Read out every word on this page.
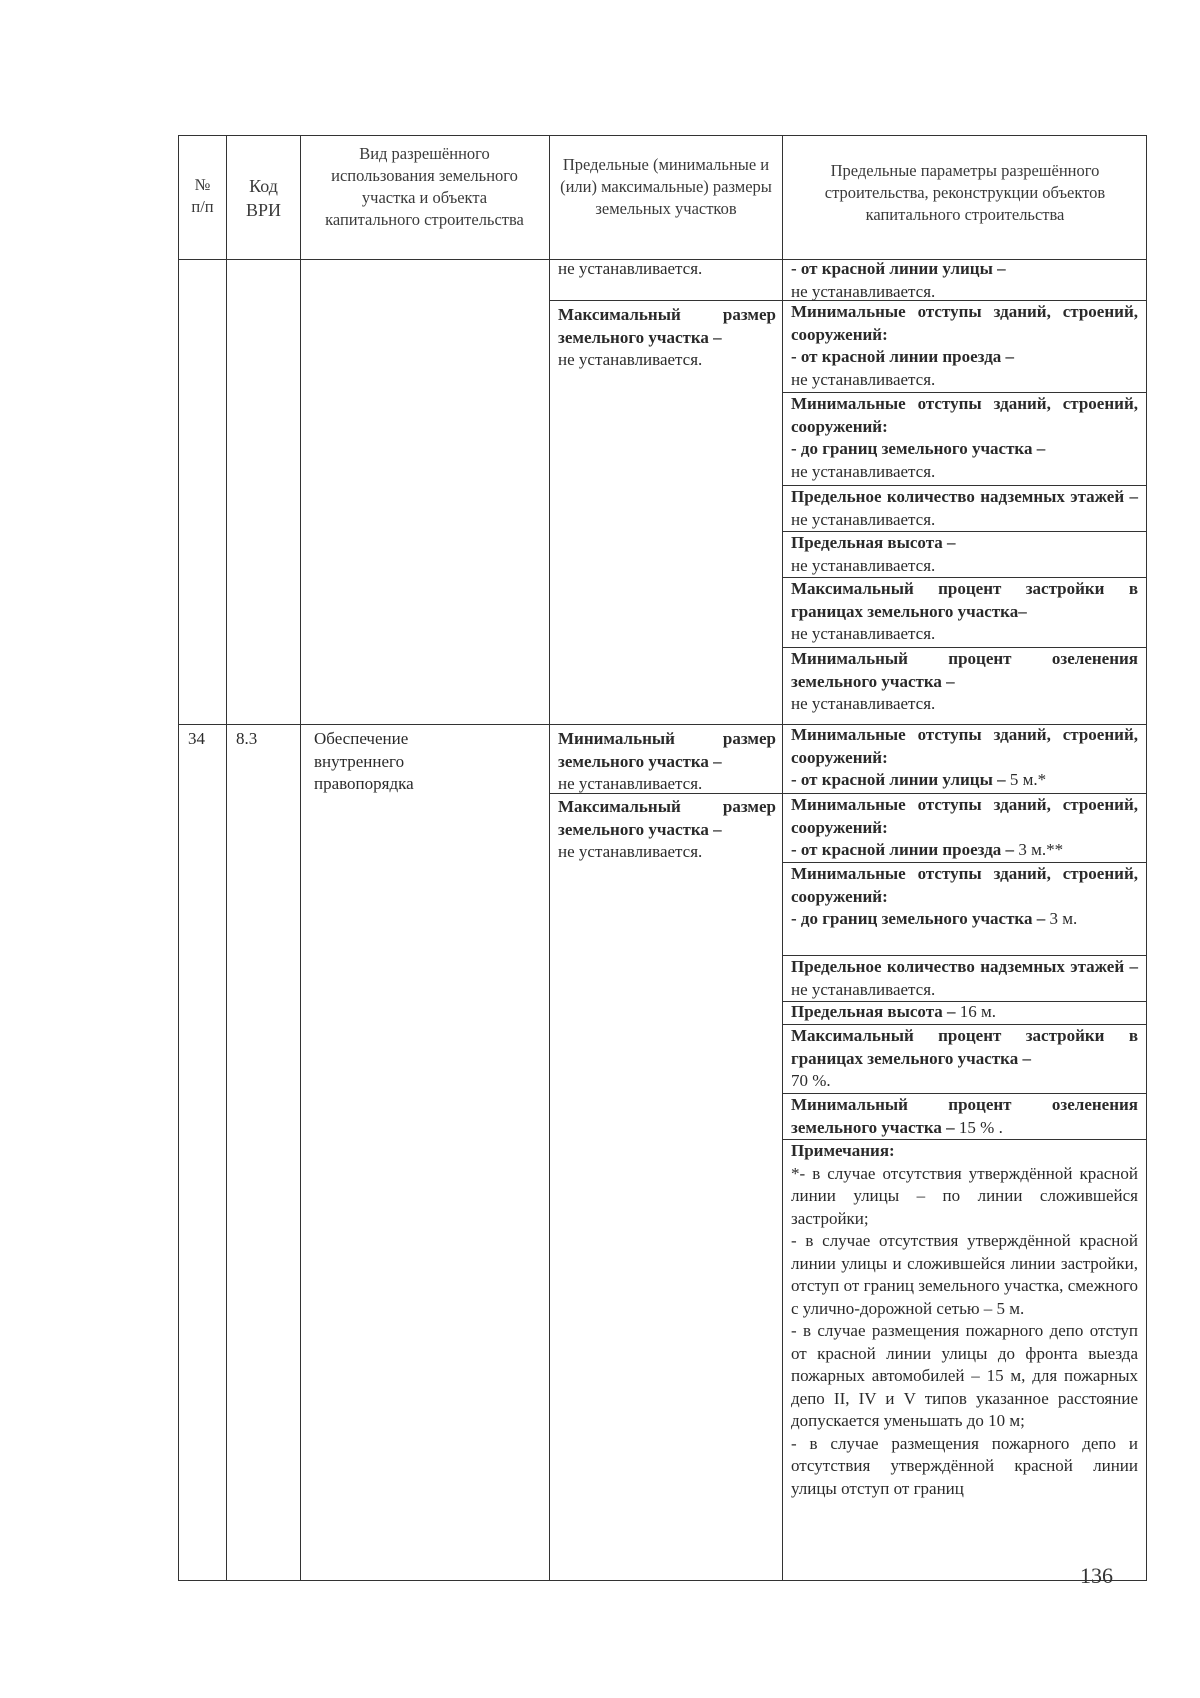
№
п/п
Код
ВРИ
Вид разрешённого использования земельного участка и объекта капитального строительства
Предельные (минимальные и (или) максимальные) размеры земельных участков
Предельные параметры разрешённого строительства, реконструкции объектов капитального строительства
не устанавливается.
Максимальный размер земельного участка –
не устанавливается.
- от красной линии улицы –
не устанавливается.
Минимальные отступы зданий, строений, сооружений:
- от красной линии проезда –
не устанавливается.
Минимальные отступы зданий, строений, сооружений:
- до границ земельного участка –
не устанавливается.
Предельное количество надземных этажей – не устанавливается.
Предельная высота –
не устанавливается.
Максимальный процент застройки в границах земельного участка–
не устанавливается.
Минимальный процент озеленения земельного участка –
не устанавливается.
34 8.3	Обеспечение внутреннего правопорядка
Минимальный размер земельного участка –
не устанавливается.
Максимальный размер земельного участка –
не устанавливается.
Минимальные отступы зданий, строений, сооружений:
- от красной линии улицы – 5 м.*
Минимальные отступы зданий, строений, сооружений:
- от красной линии проезда – 3 м.**
Минимальные отступы зданий, строений, сооружений:
- до границ земельного участка – 3 м.
Предельное количество надземных этажей – не устанавливается.
Предельная высота – 16 м.
Максимальный процент застройки в границах земельного участка –
70 %.
Минимальный процент озеленения земельного участка – 15 % .
Примечания:
*- в случае отсутствия утверждённой красной линии улицы – по линии сложившейся застройки;
- в случае отсутствия утверждённой красной линии улицы и сложившейся линии застройки, отступ от границ земельного участка, смежного с улично-дорожной сетью – 5 м.
- в случае размещения пожарного депо отступ от красной линии улицы до фронта выезда пожарных автомобилей – 15 м, для пожарных депо II, IV и V типов указанное расстояние допускается уменьшать до 10 м;
- в случае размещения пожарного депо и отсутствия утверждённой красной линии улицы отступ от границ
136
